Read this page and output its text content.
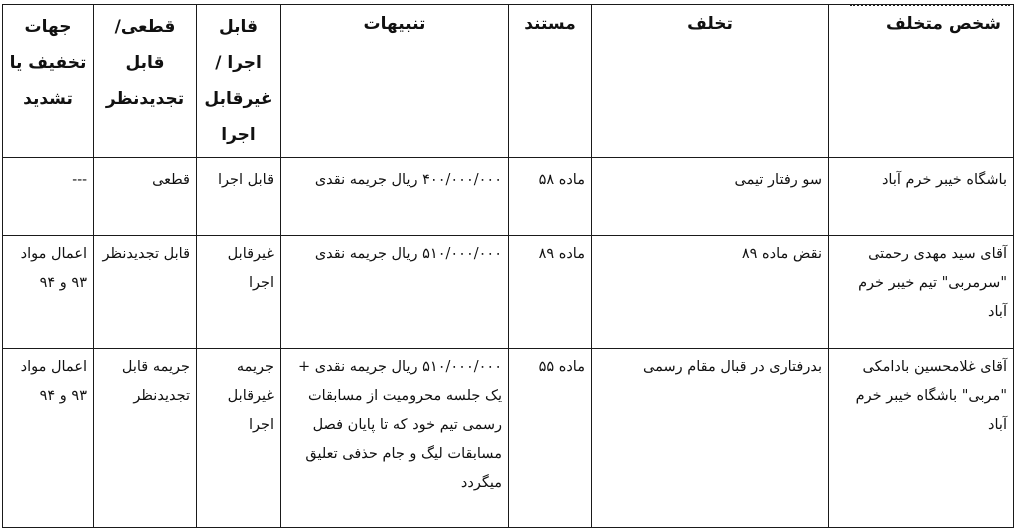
شخص متخلف	تخلف	مستند	تنبیهات	قابل اجرا /غیرقابل اجرا	قطعی/قابل تجدیدنظر	جهات تخفیف یا تشدید
باشگاه خیبر خرم آباد	سو رفتار تیمی	ماده ۵۸	۴۰۰/۰۰۰/۰۰۰ ریال جریمه نقدی	قابل اجرا	قطعی	---
آقای سید مهدی رحمتی "سرمربی" تیم خیبر خرم آباد	نقض ماده ۸۹	ماده ۸۹	۵۱۰/۰۰۰/۰۰۰ ریال جریمه نقدی	غیرقابل اجرا	قابل تجدیدنظر	اعمال مواد ۹۳ و ۹۴
آقای غلامحسین بادامکی "مربی" باشگاه خیبر خرم آباد	بدرفتاری در قبال مقام رسمی	ماده ۵۵	۵۱۰/۰۰۰/۰۰۰ ریال جریمه نقدی + یک جلسه محرومیت از مسابقات رسمی تیم خود که تا پایان فصل مسابقات لیگ و جام حذفی تعلیق میگردد	جریمه غیرقابل اجرا	جریمه قابل تجدیدنظر	اعمال مواد ۹۳ و ۹۴
